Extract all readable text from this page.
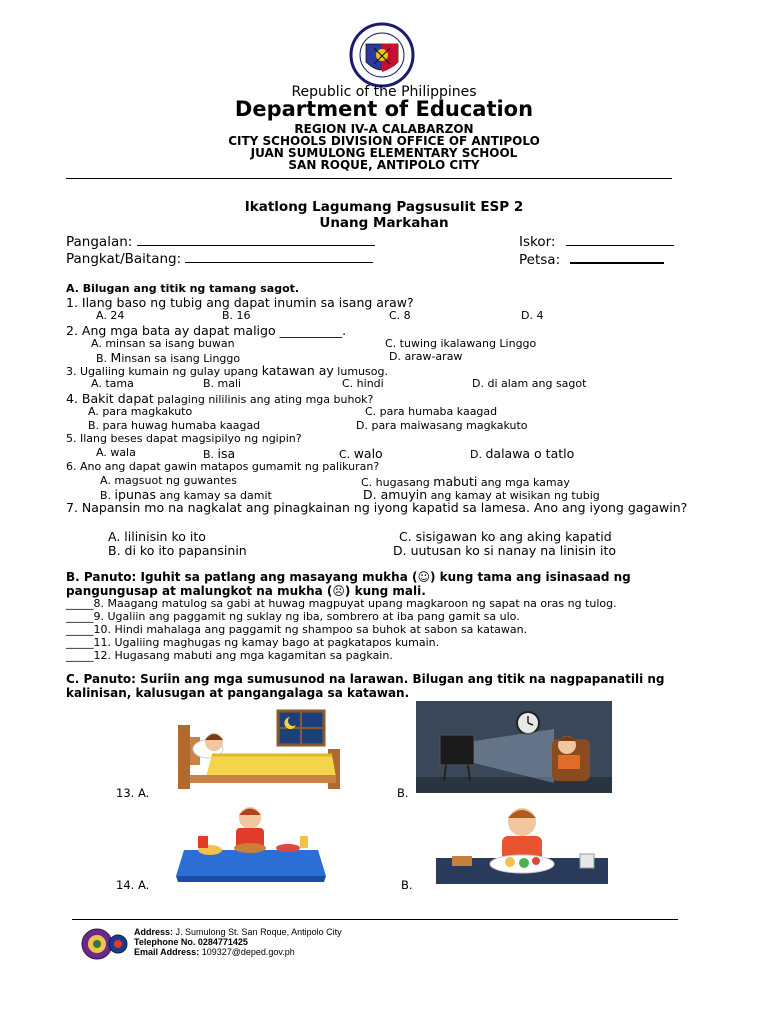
Republic of the Philippines
Department of Education
REGION IV-A CALABARZON
CITY SCHOOLS DIVISION OFFICE OF ANTIPOLO
JUAN SUMULONG ELEMENTARY SCHOOL
SAN ROQUE, ANTIPOLO CITY
Ikatlong Lagumang Pagsusulit ESP 2
Unang Markahan
Pangalan:	Iskor:
Pangkat/Baitang:	Petsa:
A. Bilugan ang titik ng tamang sagot.
1. Ilang baso ng tubig ang dapat inumin sa isang araw?
A. 24	B. 16	C. 8	D. 4
2. Ang mga bata ay dapat maligo __________.
A. minsan sa isang buwan	C. tuwing ikalawang Linggo
B. Minsan sa isang Linggo	D. araw-araw
3. Ugaliing kumain ng gulay upang katawan ay lumusog.
A. tama	B. mali	C. hindi	D. di alam ang sagot
4. Bakit dapat palaging nililinis ang ating mga buhok?
A. para magkakuto	C. para humaba kaagad
B. para huwag humaba kaagad	D. para maiwasang magkakuto
5. Ilang beses dapat magsipilyo ng ngipin?
A. wala	B. isa	C. walo	D. dalawa o tatlo
6. Ano ang dapat gawin matapos gumamit ng palikuran?
A. magsuot ng guwantes	C. hugasang mabuti ang mga kamay
B. ipunas ang kamay sa damit	D. amuyin ang kamay at wisikan ng tubig
7. Napansin mo na nagkalat ang pinagkainan ng iyong kapatid sa lamesa. Ano ang iyong gagawin?
A. lilinisin ko ito	C. sisigawan ko ang aking kapatid
B. di ko ito papansinin	D. uutusan ko si nanay na linisin ito
B. Panuto: Iguhit sa patlang ang masayang mukha (☺) kung tama ang isinasaad ng pangungusap at malungkot na mukha (☹) kung mali.
_____8. Maagang matulog sa gabi at huwag magpuyat upang magkaroon ng sapat na oras ng tulog.
_____9. Ugaliin ang paggamit ng suklay ng iba, sombrero at iba pang gamit sa ulo.
_____10. Hindi mahalaga ang paggamit ng shampoo sa buhok at sabon sa katawan.
_____11. Ugaliing maghugas ng kamay bago at pagkatapos kumain.
_____12. Hugasang mabuti ang mga kagamitan sa pagkain.
C. Panuto: Suriin ang mga sumusunod na larawan. Bilugan ang titik na nagpapanatili ng kalinisan, kalusugan at pangangalaga sa katawan.
13. A.	B.
14. A.	B.
Address: J. Sumulong St. San Roque, Antipolo City
Telephone No. 0284771425
Email Address: 109327@deped.gov.ph
